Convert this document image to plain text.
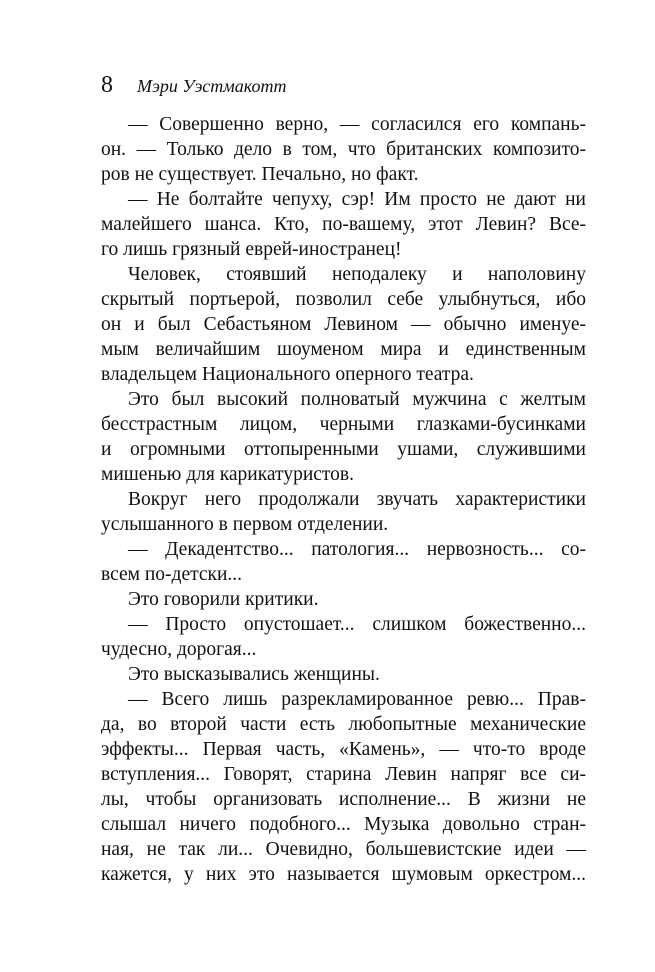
8 Мэри Уэстмакотт
— Совершенно верно, — согласился его компань-
он. — Только дело в том, что британских композито-
ров не существует. Печально, но факт.
— Не болтайте чепуху, сэр! Им просто не дают ни
малейшего шанса. Кто, по-вашему, этот Левин? Все-
го лишь грязный еврей-иностранец!
Человек, стоявший неподалеку и наполовину
скрытый портьерой, позволил себе улыбнуться, ибо
он и был Себастьяном Левином — обычно именуе-
мым величайшим шоуменом мира и единственным
владельцем Национального оперного театра.
Это был высокий полноватый мужчина с желтым
бесстрастным лицом, черными глазками-бусинками
и огромными оттопыренными ушами, служившими
мишенью для карикатуристов.
Вокруг него продолжали звучать характеристики
услышанного в первом отделении.
— Декадентство... патология... нервозность... со-
всем по-детски...
Это говорили критики.
— Просто опустошает... слишком божественно...
чудесно, дорогая...
Это высказывались женщины.
— Всего лишь разрекламированное ревю... Прав-
да, во второй части есть любопытные механические
эффекты... Первая часть, «Камень», — что-то вроде
вступления... Говорят, старина Левин напряг все си-
лы, чтобы организовать исполнение... В жизни не
слышал ничего подобного... Музыка довольно стран-
ная, не так ли... Очевидно, большевистские идеи —
кажется, у них это называется шумовым оркестром...
